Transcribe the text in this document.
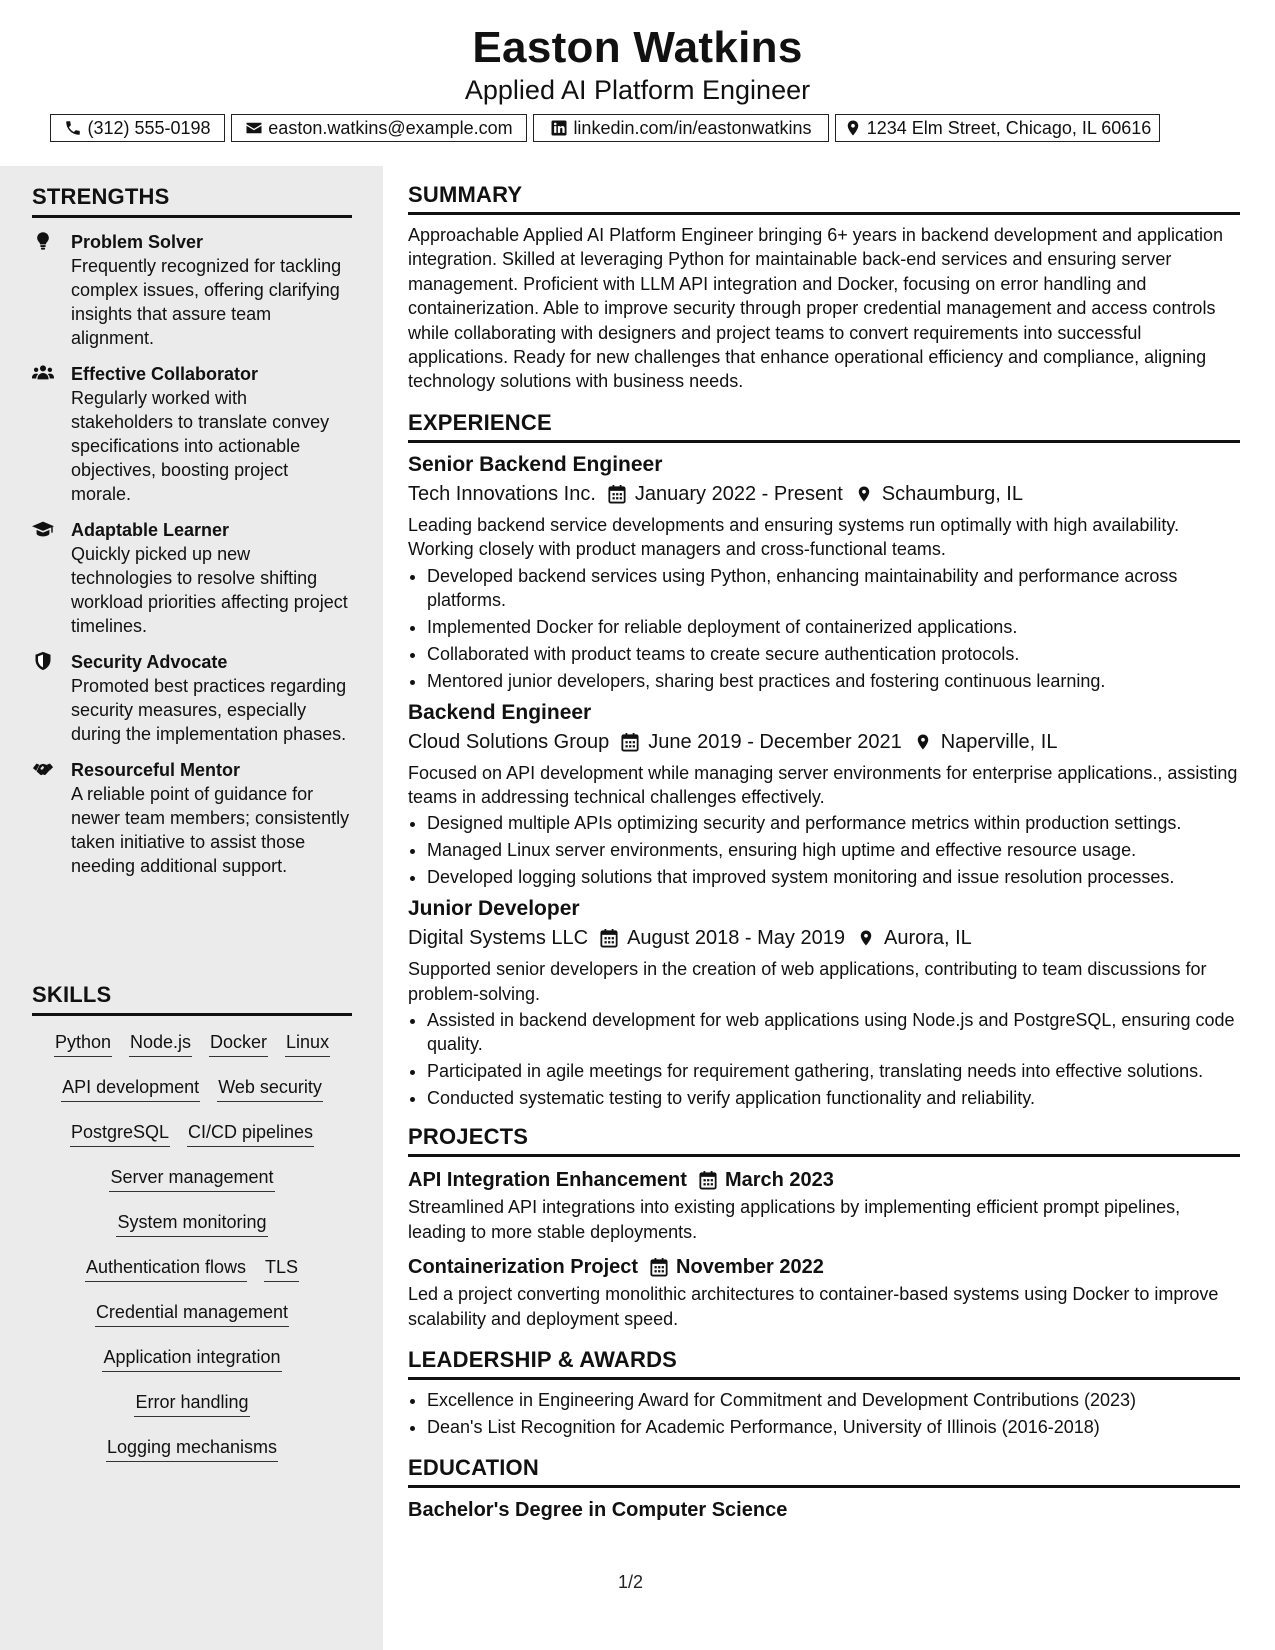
Easton Watkins
Applied AI Platform Engineer
(312) 555-0198	easton.watkins@example.com	linkedin.com/in/eastonwatkins	1234 Elm Street, Chicago, IL 60616
STRENGTHS
Problem Solver
Frequently recognized for tackling complex issues, offering clarifying insights that assure team alignment.
Effective Collaborator
Regularly worked with stakeholders to translate convey specifications into actionable objectives, boosting project morale.
Adaptable Learner
Quickly picked up new technologies to resolve shifting workload priorities affecting project timelines.
Security Advocate
Promoted best practices regarding security measures, especially during the implementation phases.
Resourceful Mentor
A reliable point of guidance for newer team members; consistently taken initiative to assist those needing additional support.
SKILLS
Python Node.js Docker Linux
API development Web security
PostgreSQL CI/CD pipelines
Server management
System monitoring
Authentication flows TLS
Credential management
Application integration
Error handling
Logging mechanisms
SUMMARY
Approachable Applied AI Platform Engineer bringing 6+ years in backend development and application integration. Skilled at leveraging Python for maintainable back-end services and ensuring server management. Proficient with LLM API integration and Docker, focusing on error handling and containerization. Able to improve security through proper credential management and access controls while collaborating with designers and project teams to convert requirements into successful applications. Ready for new challenges that enhance operational efficiency and compliance, aligning technology solutions with business needs.
EXPERIENCE
Senior Backend Engineer
Tech Innovations Inc. January 2022 - Present Schaumburg, IL
Leading backend service developments and ensuring systems run optimally with high availability. Working closely with product managers and cross-functional teams.
• Developed backend services using Python, enhancing maintainability and performance across platforms.
• Implemented Docker for reliable deployment of containerized applications.
• Collaborated with product teams to create secure authentication protocols.
• Mentored junior developers, sharing best practices and fostering continuous learning.
Backend Engineer
Cloud Solutions Group June 2019 - December 2021 Naperville, IL
Focused on API development while managing server environments for enterprise applications., assisting teams in addressing technical challenges effectively.
• Designed multiple APIs optimizing security and performance metrics within production settings.
• Managed Linux server environments, ensuring high uptime and effective resource usage.
• Developed logging solutions that improved system monitoring and issue resolution processes.
Junior Developer
Digital Systems LLC August 2018 - May 2019 Aurora, IL
Supported senior developers in the creation of web applications, contributing to team discussions for problem-solving.
• Assisted in backend development for web applications using Node.js and PostgreSQL, ensuring code quality.
• Participated in agile meetings for requirement gathering, translating needs into effective solutions.
• Conducted systematic testing to verify application functionality and reliability.
PROJECTS
API Integration Enhancement March 2023
Streamlined API integrations into existing applications by implementing efficient prompt pipelines, leading to more stable deployments.
Containerization Project November 2022
Led a project converting monolithic architectures to container-based systems using Docker to improve scalability and deployment speed.
LEADERSHIP & AWARDS
• Excellence in Engineering Award for Commitment and Development Contributions (2023)
• Dean's List Recognition for Academic Performance, University of Illinois (2016-2018)
EDUCATION
Bachelor's Degree in Computer Science
1/2
